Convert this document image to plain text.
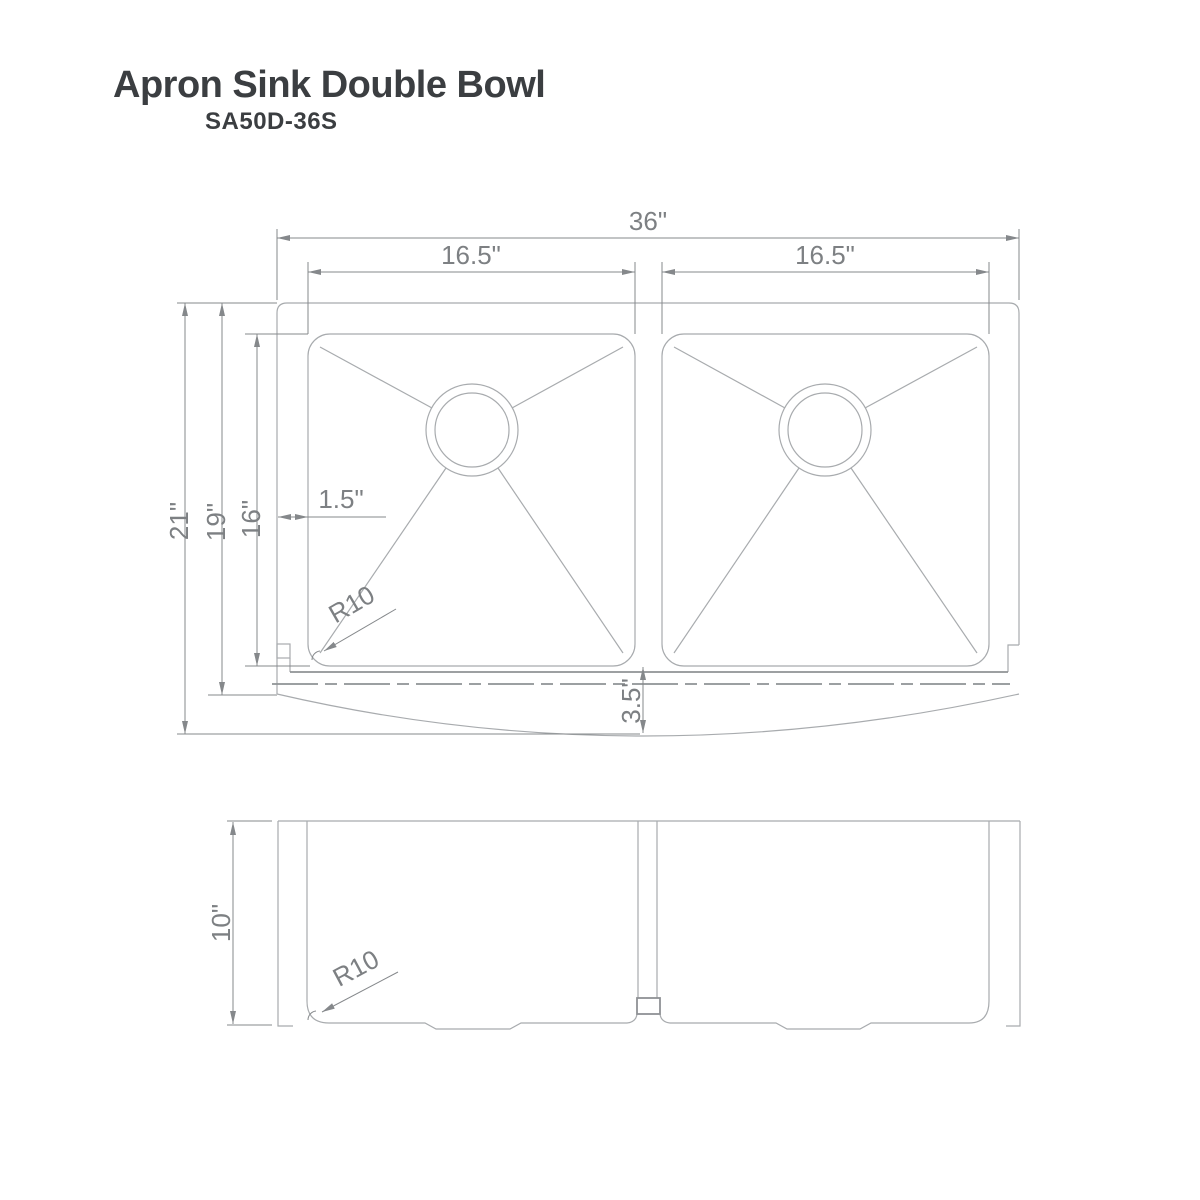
Apron Sink Double Bowl
SA50D-36S
36"
16.5"	16.5"
21" 19" 16"
1.5"
R10
3.5"
10"
R10
